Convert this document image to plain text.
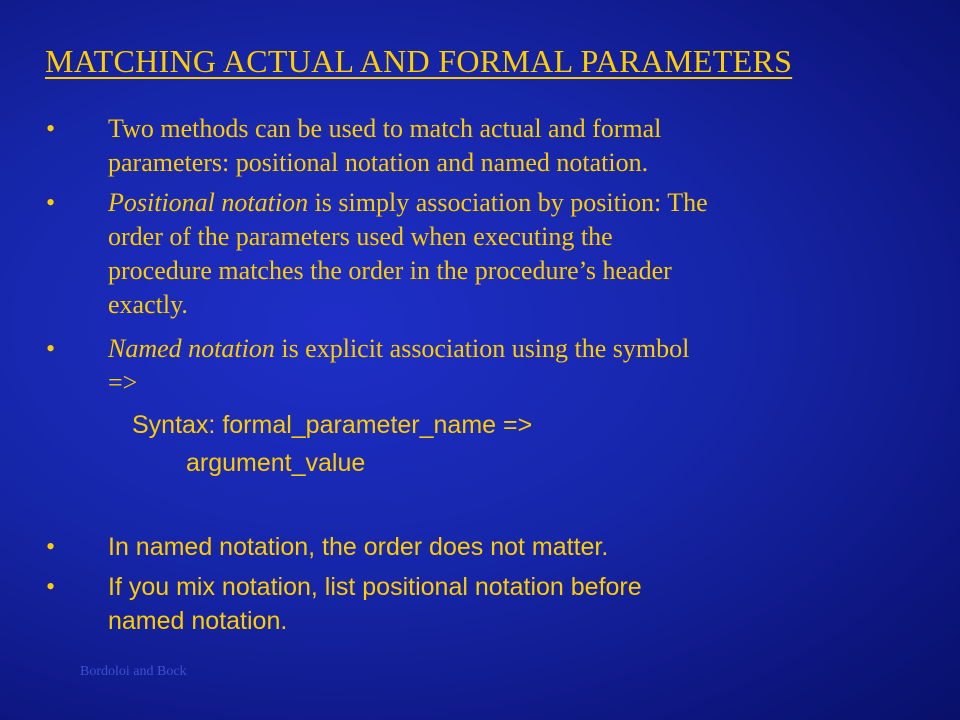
MATCHING ACTUAL AND FORMAL PARAMETERS
• Two methods can be used to match actual and formal
parameters: positional notation and named notation.
• Positional notation is simply association by position: The
order of the parameters used when executing the
procedure matches the order in the procedure’s header
exactly.
• Named notation is explicit association using the symbol
=>
Syntax: formal_parameter_name =>
argument_value
• In named notation, the order does not matter.
• If you mix notation, list positional notation before
named notation.
Bordoloi and Bock
